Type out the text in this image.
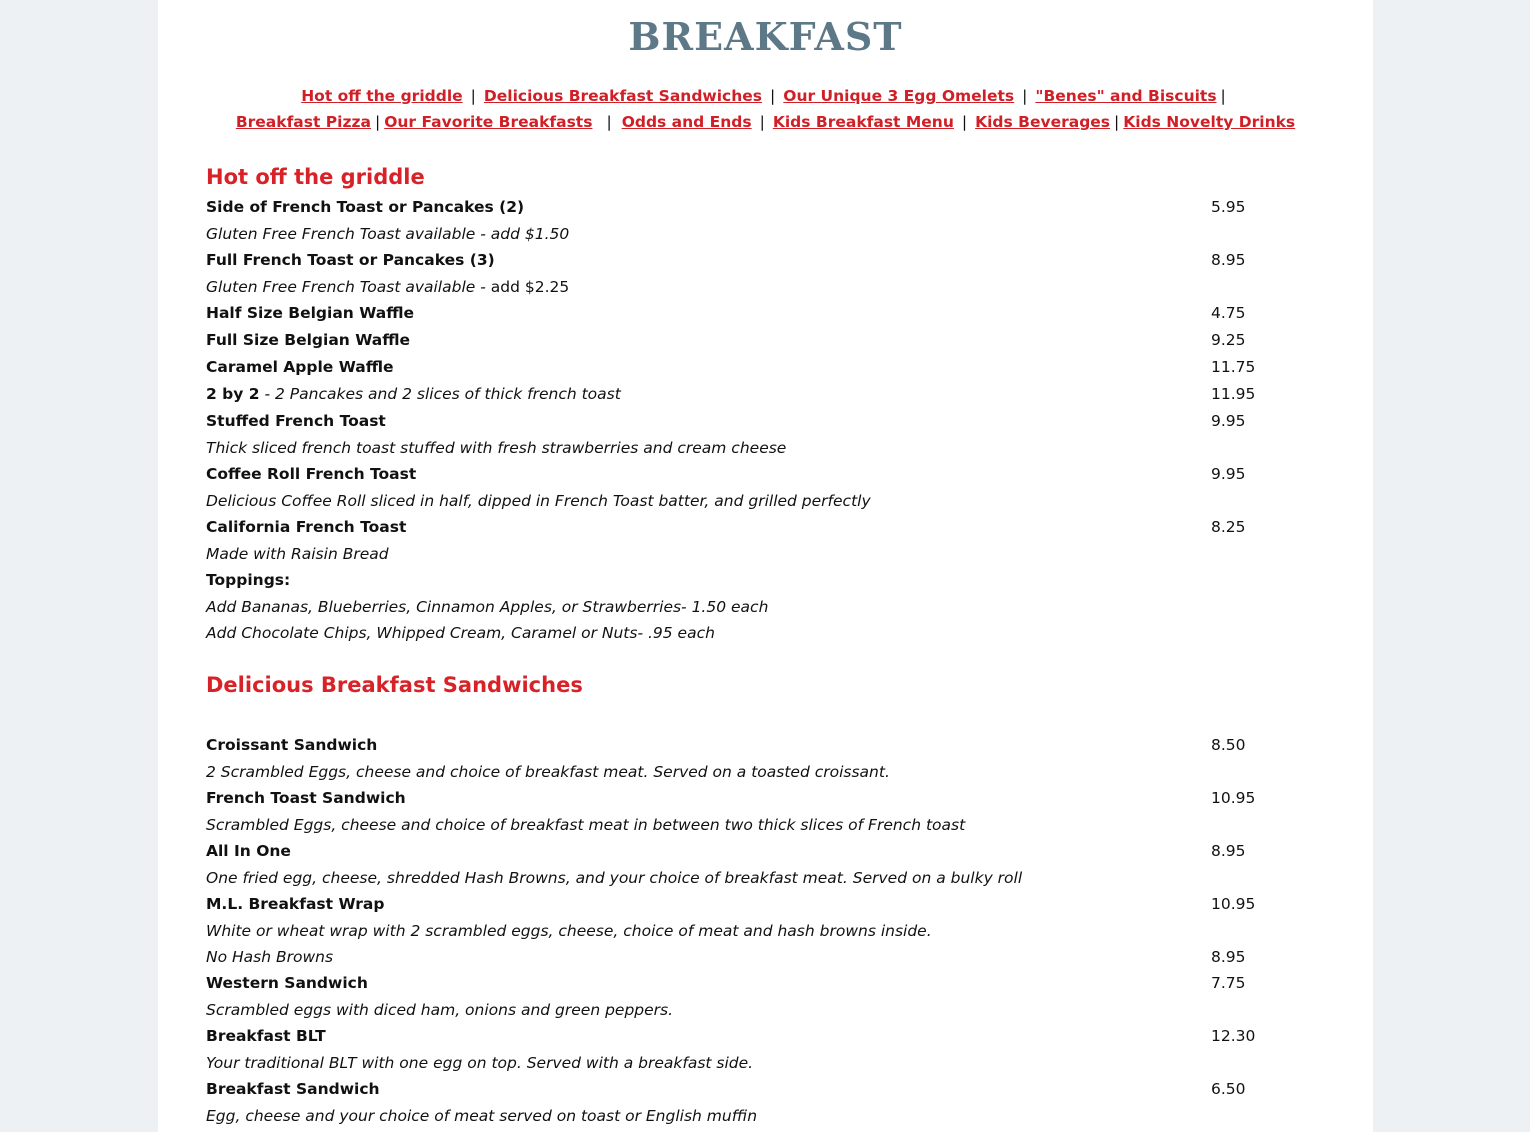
BREAKFAST
Hot off the griddle | Delicious Breakfast Sandwiches | Our Unique 3 Egg Omelets | "Benes" and Biscuits |
Breakfast Pizza | Our Favorite Breakfasts | Odds and Ends | Kids Breakfast Menu | Kids Beverages | Kids Novelty Drinks
Hot off the griddle
Side of French Toast or Pancakes (2)	5.95
Gluten Free French Toast available - add $1.50
Full French Toast or Pancakes (3)	8.95
Gluten Free French Toast available - add $2.25
Half Size Belgian Waffle	4.75
Full Size Belgian Waffle	9.25
Caramel Apple Waffle	11.75
2 by 2 - 2 Pancakes and 2 slices of thick french toast	11.95
Stuffed French Toast	9.95
Thick sliced french toast stuffed with fresh strawberries and cream cheese
Coffee Roll French Toast	9.95
Delicious Coffee Roll sliced in half, dipped in French Toast batter, and grilled perfectly
California French Toast	8.25
Made with Raisin Bread
Toppings:
Add Bananas, Blueberries, Cinnamon Apples, or Strawberries- 1.50 each
Add Chocolate Chips, Whipped Cream, Caramel or Nuts- .95 each
Delicious Breakfast Sandwiches
Croissant Sandwich	8.50
2 Scrambled Eggs, cheese and choice of breakfast meat. Served on a toasted croissant.
French Toast Sandwich	10.95
Scrambled Eggs, cheese and choice of breakfast meat in between two thick slices of French toast
All In One	8.95
One fried egg, cheese, shredded Hash Browns, and your choice of breakfast meat. Served on a bulky roll
M.L. Breakfast Wrap	10.95
White or wheat wrap with 2 scrambled eggs, cheese, choice of meat and hash browns inside.
No Hash Browns	8.95
Western Sandwich	7.75
Scrambled eggs with diced ham, onions and green peppers.
Breakfast BLT	12.30
Your traditional BLT with one egg on top. Served with a breakfast side.
Breakfast Sandwich	6.50
Egg, cheese and your choice of meat served on toast or English muffin
